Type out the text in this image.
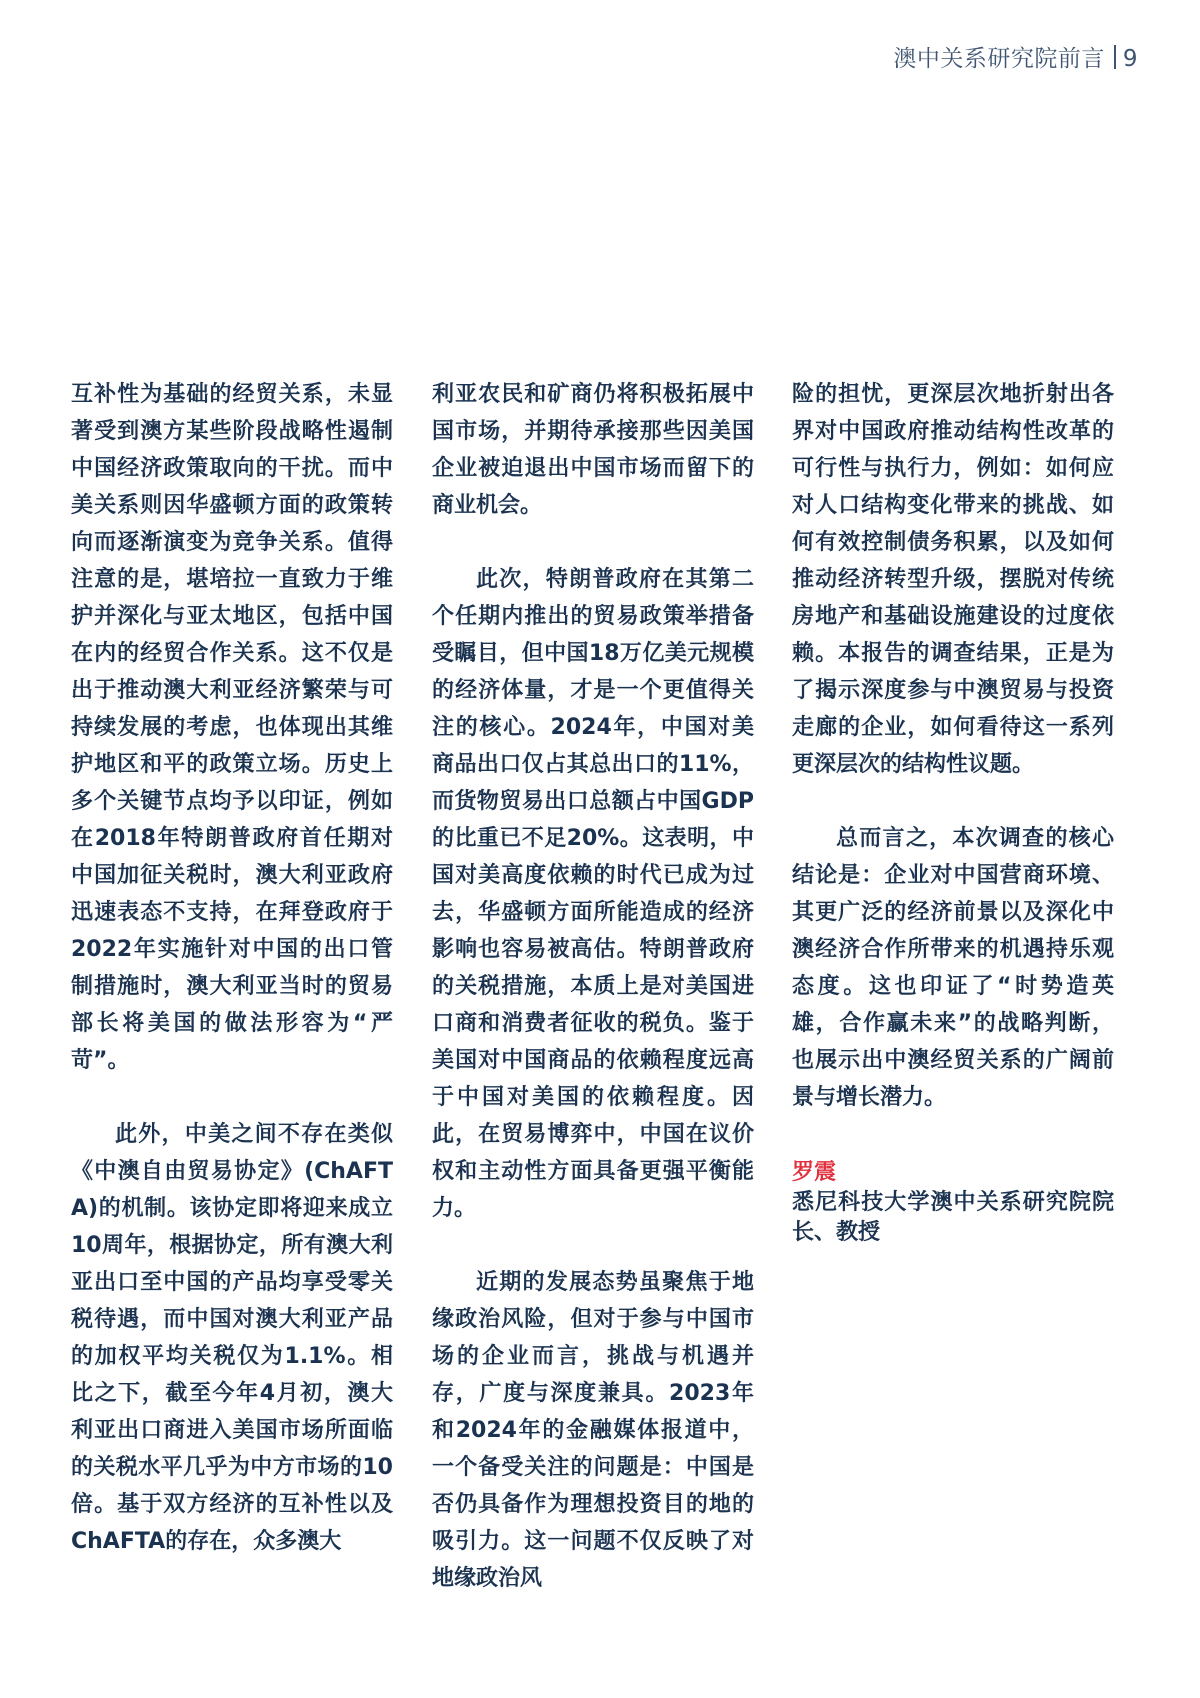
澳中关系研究院前言 9

互补性为基础的经贸关系，未显著受到澳方某些阶段战略性遏制中国经济政策取向的干扰。而中美关系则因华盛顿方面的政策转向而逐渐演变为竞争关系。值得注意的是，堪培拉一直致力于维护并深化与亚太地区，包括中国在内的经贸合作关系。这不仅是出于推动澳大利亚经济繁荣与可持续发展的考虑，也体现出其维护地区和平的政策立场。历史上多个关键节点均予以印证，例如在2018年特朗普政府首任期对中国加征关税时，澳大利亚政府迅速表态不支持，在拜登政府于2022年实施针对中国的出口管制措施时，澳大利亚当时的贸易部长将美国的做法形容为“严苛”。

此外，中美之间不存在类似《中澳自由贸易协定》(ChAFTA)的机制。该协定即将迎来成立10周年，根据协定，所有澳大利亚出口至中国的产品均享受零关税待遇，而中国对澳大利亚产品的加权平均关税仅为1.1%。相比之下，截至今年4月初，澳大利亚出口商进入美国市场所面临的关税水平几乎为中方市场的10倍。基于双方经济的互补性以及ChAFTA的存在，众多澳大

利亚农民和矿商仍将积极拓展中国市场，并期待承接那些因美国企业被迫退出中国市场而留下的商业机会。

此次，特朗普政府在其第二个任期内推出的贸易政策举措备受瞩目，但中国18万亿美元规模的经济体量，才是一个更值得关注的核心。2024年，中国对美商品出口仅占其总出口的11%，而货物贸易出口总额占中国GDP的比重已不足20%。这表明，中国对美高度依赖的时代已成为过去，华盛顿方面所能造成的经济影响也容易被高估。特朗普政府的关税措施，本质上是对美国进口商和消费者征收的税负。鉴于美国对中国商品的依赖程度远高于中国对美国的依赖程度。因此，在贸易博弈中，中国在议价权和主动性方面具备更强平衡能力。

近期的发展态势虽聚焦于地缘政治风险，但对于参与中国市场的企业而言，挑战与机遇并存，广度与深度兼具。2023年和2024年的金融媒体报道中，一个备受关注的问题是：中国是否仍具备作为理想投资目的地的吸引力。这一问题不仅反映了对地缘政治风

险的担忧，更深层次地折射出各界对中国政府推动结构性改革的可行性与执行力，例如：如何应对人口结构变化带来的挑战、如何有效控制债务积累，以及如何推动经济转型升级，摆脱对传统房地产和基础设施建设的过度依赖。本报告的调查结果，正是为了揭示深度参与中澳贸易与投资走廊的企业，如何看待这一系列更深层次的结构性议题。

总而言之，本次调查的核心结论是：企业对中国营商环境、其更广泛的经济前景以及深化中澳经济合作所带来的机遇持乐观态度。这也印证了“时势造英雄，合作赢未来”的战略判断，也展示出中澳经贸关系的广阔前景与增长潜力。

罗震
悉尼科技大学澳中关系研究院院长、教授
